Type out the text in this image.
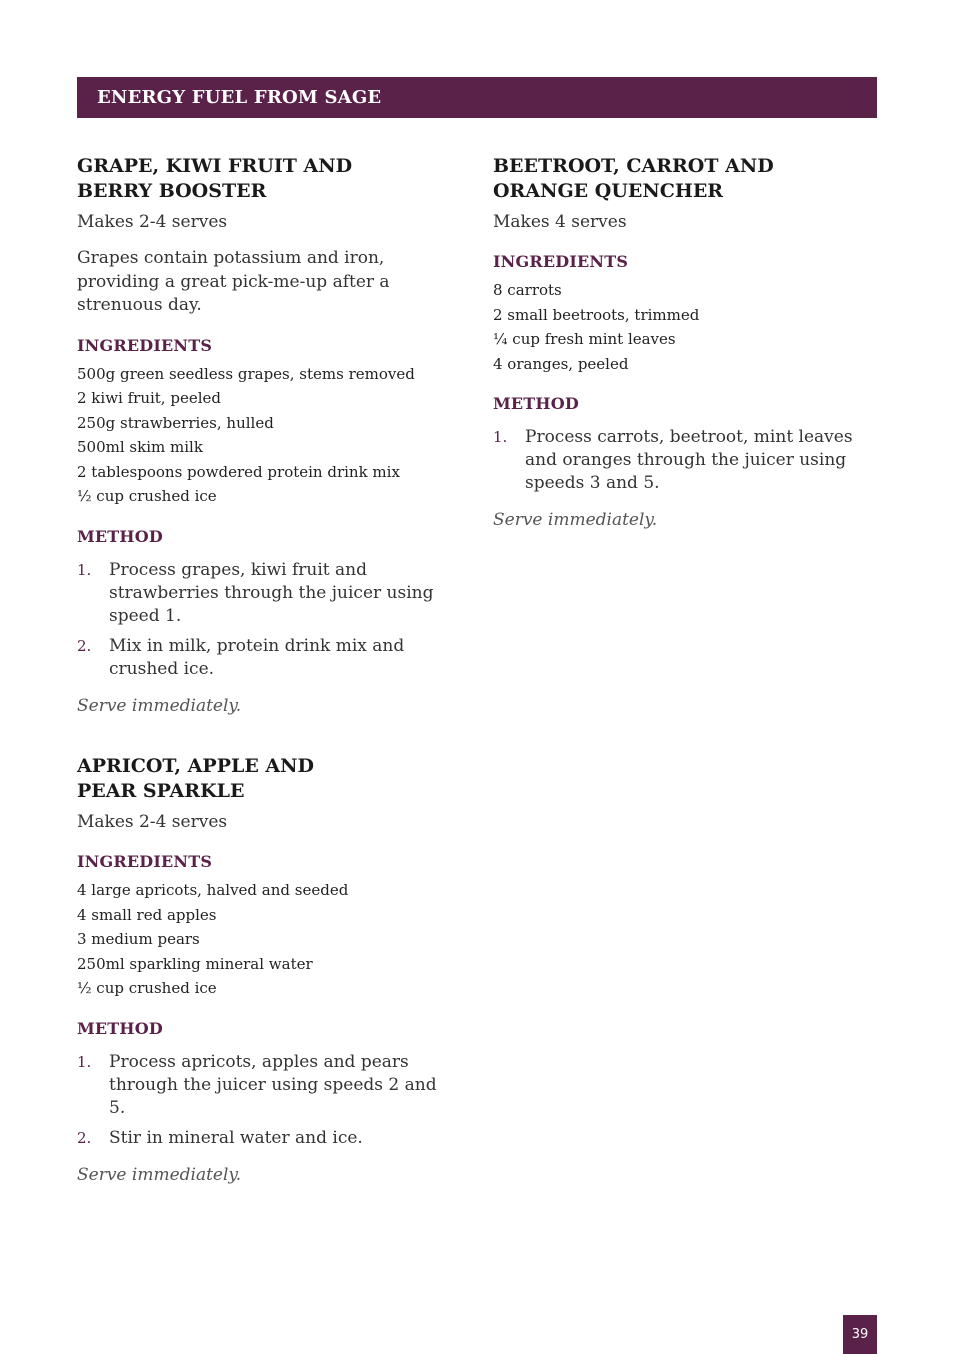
ENERGY FUEL FROM SAGE
GRAPE, KIWI FRUIT AND
BERRY BOOSTER

Makes 2-4 serves

Grapes contain potassium and iron, providing a great pick-me-up after a strenuous day.

INGREDIENTS
500g green seedless grapes, stems removed
2 kiwi fruit, peeled
250g strawberries, hulled
500ml skim milk
2 tablespoons powdered protein drink mix
½ cup crushed ice
METHOD
1.	Process grapes, kiwi fruit and strawberries through the juicer using speed 1.
2.	Mix in milk, protein drink mix and crushed ice.

Serve immediately.

APRICOT, APPLE AND
PEAR SPARKLE

Makes 2-4 serves

INGREDIENTS
4 large apricots, halved and seeded
4 small red apples
3 medium pears
250ml sparkling mineral water
½ cup crushed ice
METHOD
1.	Process apricots, apples and pears through the juicer using speeds 2 and 5.
2.	Stir in mineral water and ice.

Serve immediately.

BEETROOT, CARROT AND
ORANGE QUENCHER

Makes 4 serves

INGREDIENTS
8 carrots
2 small beetroots, trimmed
¼ cup fresh mint leaves
4 oranges, peeled
METHOD
1.	Process carrots, beetroot, mint leaves and oranges through the juicer using speeds 3 and 5.

Serve immediately.

39
